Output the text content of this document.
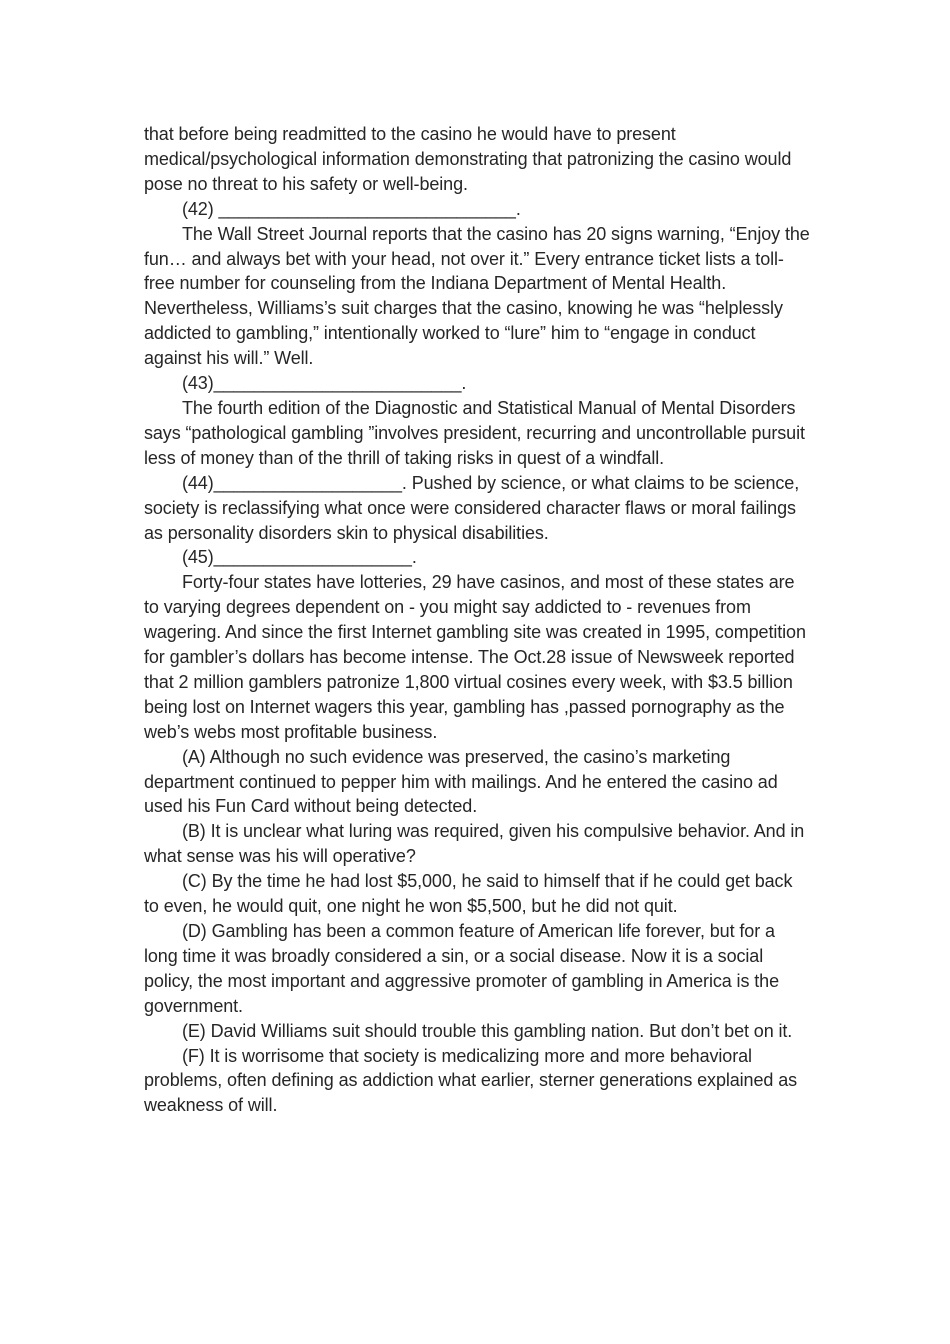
that before being readmitted to the casino he would have to present medical/psychological information demonstrating that patronizing the casino would pose no threat to his safety or well-being.

(42) ______________________________.

The Wall Street Journal reports that the casino has 20 signs warning, “Enjoy the fun… and always bet with your head, not over it.” Every entrance ticket lists a toll-free number for counseling from the Indiana Department of Mental Health. Nevertheless, Williams’s suit charges that the casino, knowing he was “helplessly addicted to gambling,” intentionally worked to “lure” him to “engage in conduct against his will.” Well.

(43)_________________________.

The fourth edition of the Diagnostic and Statistical Manual of Mental Disorders says “pathological gambling ”involves president, recurring and uncontrollable pursuit less of money than of the thrill of taking risks in quest of a windfall.

(44)___________________. Pushed by science, or what claims to be science, society is reclassifying what once were considered character flaws or moral failings as personality disorders skin to physical disabilities.

(45)____________________.

Forty-four states have lotteries, 29 have casinos, and most of these states are to varying degrees dependent on - you might say addicted to - revenues from wagering. And since the first Internet gambling site was created in 1995, competition for gambler’s dollars has become intense. The Oct.28 issue of Newsweek reported that 2 million gamblers patronize 1,800 virtual cosines every week, with $3.5 billion being lost on Internet wagers this year, gambling has ,passed pornography as the web’s webs most profitable business.

(A) Although no such evidence was preserved, the casino’s marketing department continued to pepper him with mailings. And he entered the casino ad used his Fun Card without being detected.

(B) It is unclear what luring was required, given his compulsive behavior. And in what sense was his will operative?

(C) By the time he had lost $5,000, he said to himself that if he could get back to even, he would quit, one night he won $5,500, but he did not quit.

(D) Gambling has been a common feature of American life forever, but for a long time it was broadly considered a sin, or a social disease. Now it is a social policy, the most important and aggressive promoter of gambling in America is the government.

(E) David Williams suit should trouble this gambling nation. But don’t bet on it.

(F) It is worrisome that society is medicalizing more and more behavioral problems, often defining as addiction what earlier, sterner generations explained as weakness of will.
